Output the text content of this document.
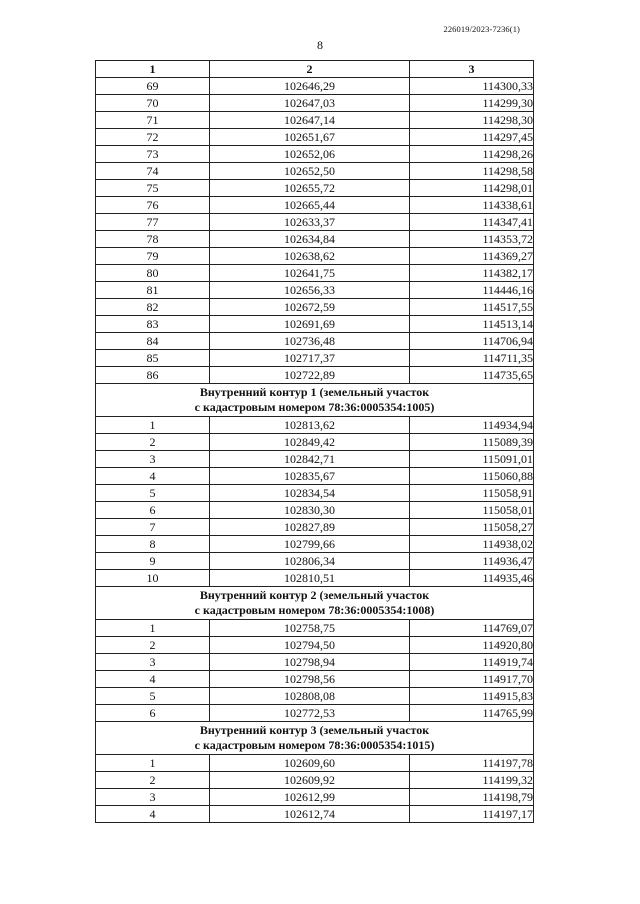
226019/2023-7236(1)
8
1	2	3
69	102646,29	114300,33
70	102647,03	114299,30
71	102647,14	114298,30
72	102651,67	114297,45
73	102652,06	114298,26
74	102652,50	114298,58
75	102655,72	114298,01
76	102665,44	114338,61
77	102633,37	114347,41
78	102634,84	114353,72
79	102638,62	114369,27
80	102641,75	114382,17
81	102656,33	114446,16
82	102672,59	114517,55
83	102691,69	114513,14
84	102736,48	114706,94
85	102717,37	114711,35
86	102722,89	114735,65

Внутренний контур 1 (земельный участок
с кадастровым номером 78:36:0005354:1005)		

1	102813,62	114934,94
2	102849,42	115089,39
3	102842,71	115091,01
4	102835,67	115060,88
5	102834,54	115058,91
6	102830,30	115058,01
7	102827,89	115058,27
8	102799,66	114938,02
9	102806,34	114936,47
10	102810,51	114935,46

Внутренний контур 2 (земельный участок
с кадастровым номером 78:36:0005354:1008)		

1	102758,75	114769,07
2	102794,50	114920,80
3	102798,94	114919,74
4	102798,56	114917,70
5	102808,08	114915,83
6	102772,53	114765,99

Внутренний контур 3 (земельный участок
с кадастровым номером 78:36:0005354:1015)		

1	102609,60	114197,78
2	102609,92	114199,32
3	102612,99	114198,79
4	102612,74	114197,17
